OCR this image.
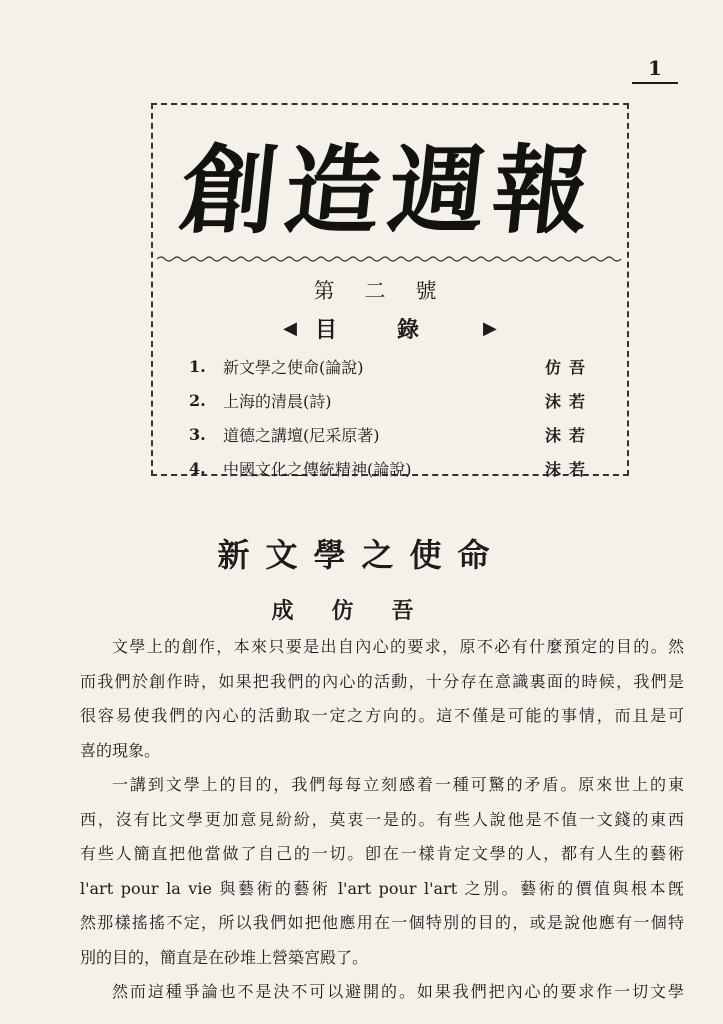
1
創造週報
第二號
◀ 目錄 ▶
1.	新文學之使命(論說)	仿吾
2.	上海的清晨(詩)	沫若
3.	道德之講壇(尼采原著)	沫若
4.	中國文化之傳統精神(論說)	沫若
新文學之使命
成仿吾
文學上的創作，本來只要是出自內心的要求，原不必有什麼預定的目的。然
而我們於創作時，如果把我們的內心的活動，十分存在意識裏面的時候，我們是
很容易使我們的內心的活動取一定之方向的。這不僅是可能的事情，而且是可
喜的現象。
一講到文學上的目的，我們每每立刻感着一種可驚的矛盾。原來世上的東
西，沒有比文學更加意見紛紛，莫衷一是的。有些人說他是不值一文錢的東西
有些人簡直把他當做了自己的一切。卽在一樣肯定文學的人，都有人生的藝術
l'art pour la vie 與藝術的藝術 l'art pour l'art 之別。藝術的價值與根本旣
然那樣搖搖不定，所以我們如把他應用在一個特別的目的，或是說他應有一個特
別的目的，簡直是在砂堆上營築宮殿了。
然而這種爭論也不是決不可以避開的。如果我們把內心的要求作一切文學
